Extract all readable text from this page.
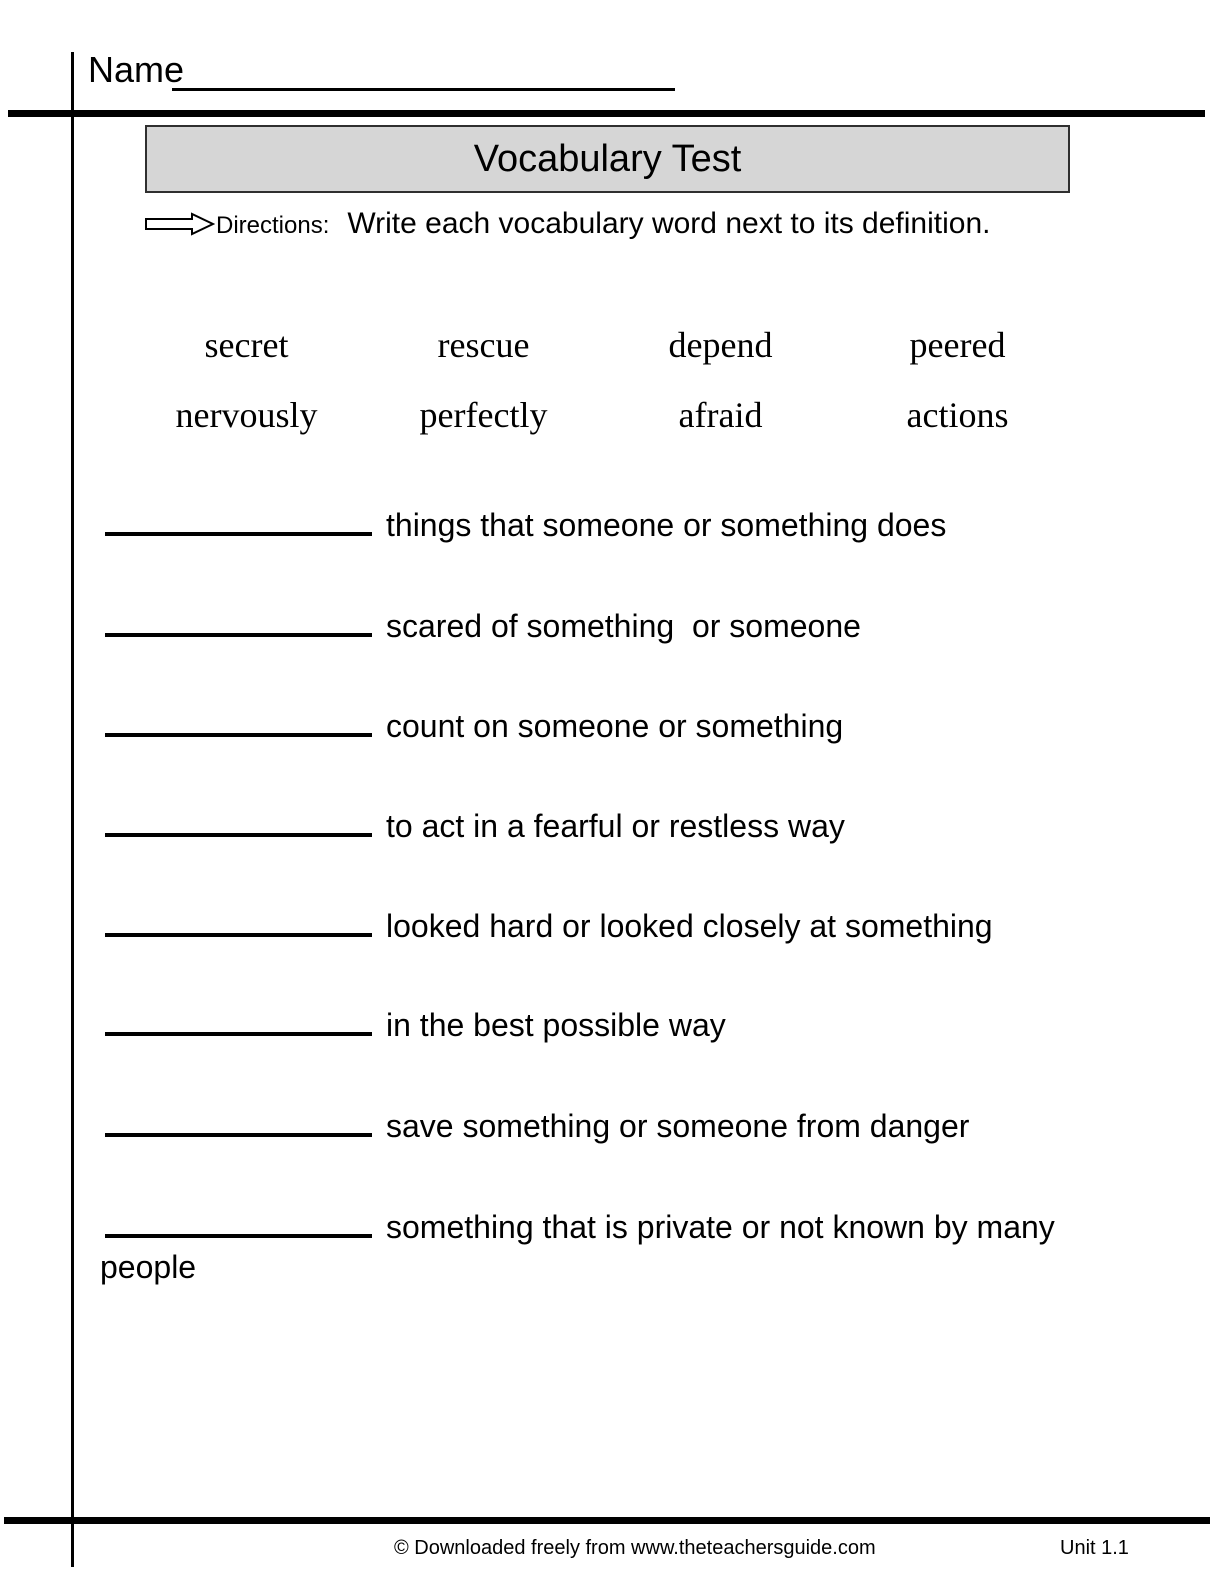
Name
Vocabulary Test
Directions: Write each vocabulary word next to its definition.
secret	rescue	depend	peered
nervously	perfectly	afraid	actions
things that someone or something does
scared of something  or someone
count on someone or something
to act in a fearful or restless way
looked hard or looked closely at something
in the best possible way
save something or someone from danger
something that is private or not known by many people
© Downloaded freely from www.theteachersguide.com	Unit 1.1
